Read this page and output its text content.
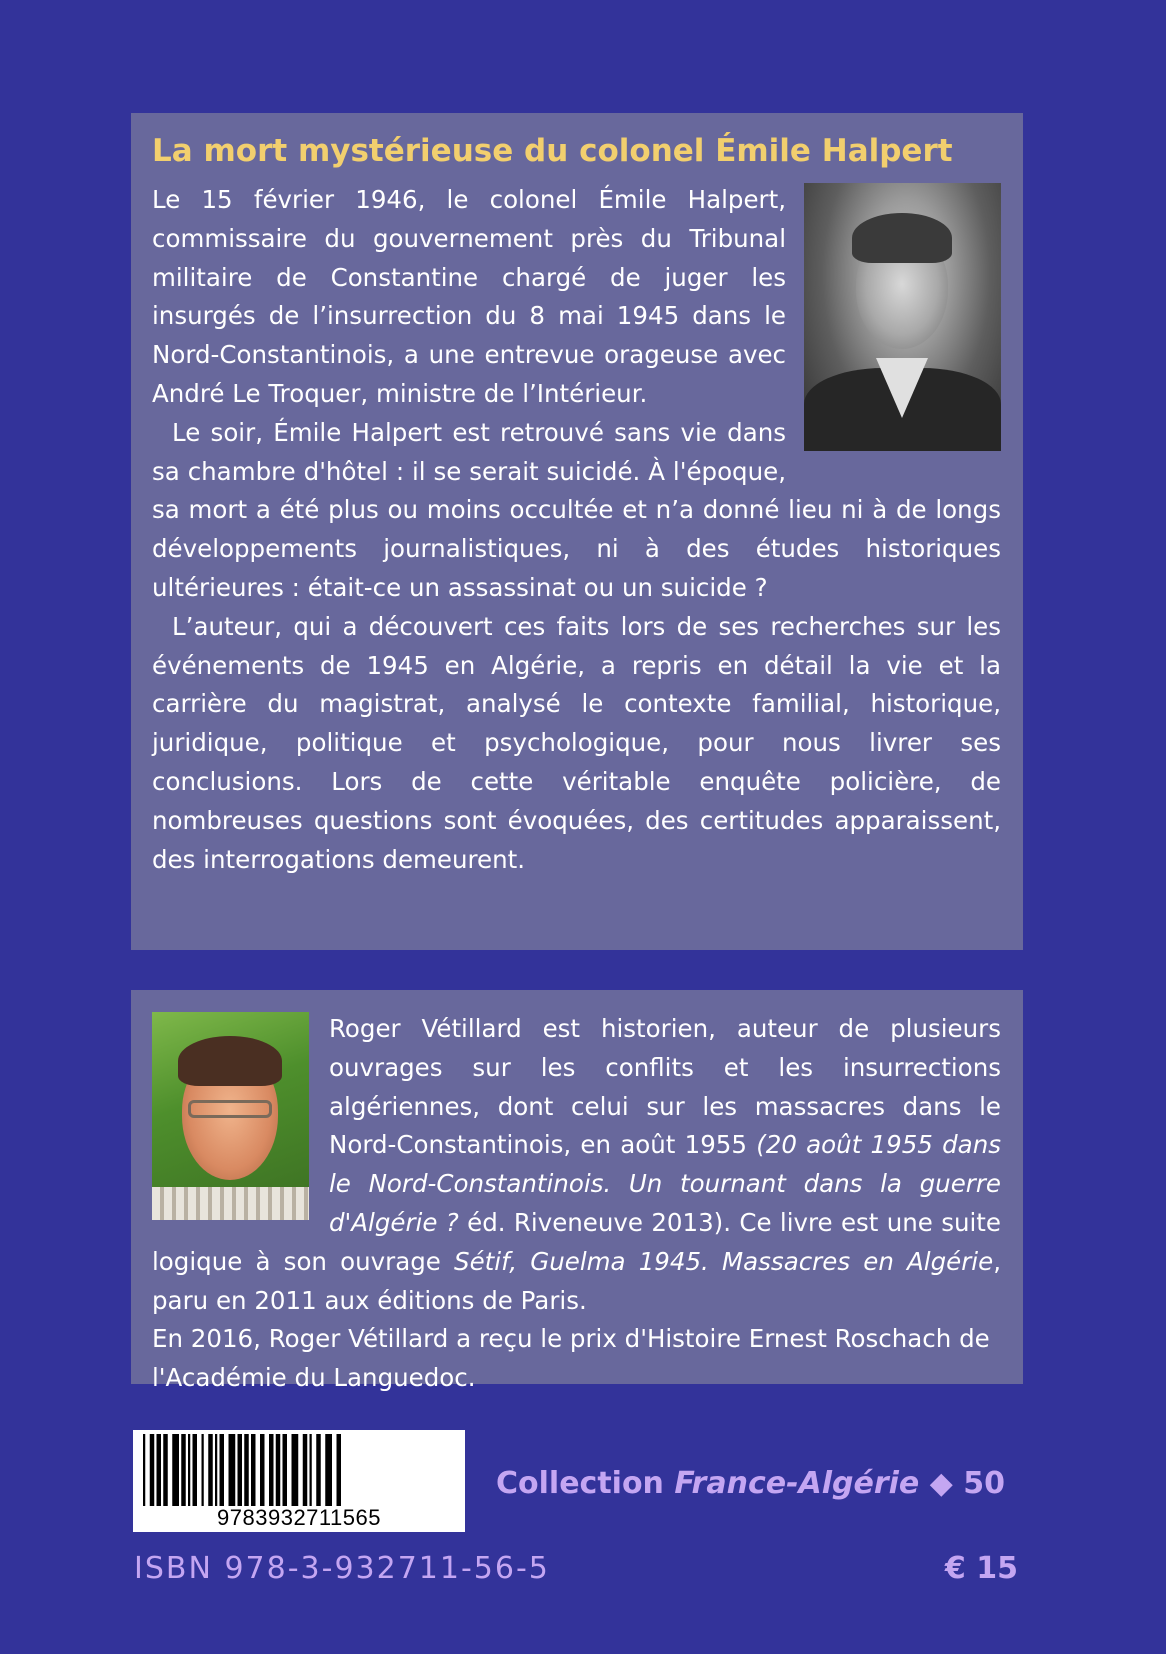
La mort mystérieuse du colonel Émile Halpert

Le 15 février 1946, le colonel Émile Halpert, commissaire du gouvernement près du Tribunal militaire de Constantine chargé de juger les insurgés de l’insurrection du 8 mai 1945 dans le Nord-Constantinois, a une entrevue orageuse avec André Le Troquer, ministre de l’Intérieur.

Le soir, Émile Halpert est retrouvé sans vie dans sa chambre d'hôtel : il se serait suicidé. À l'époque, sa mort a été plus ou moins occultée et n’a donné lieu ni à de longs développements journalistiques, ni à des études historiques ultérieures : était-ce un assassinat ou un suicide ?

L’auteur, qui a découvert ces faits lors de ses recherches sur les événements de 1945 en Algérie, a repris en détail la vie et la carrière du magistrat, analysé le contexte familial, historique, juridique, politique et psychologique, pour nous livrer ses conclusions. Lors de cette véritable enquête policière, de nombreuses questions sont évoquées, des certitudes apparaissent, des interrogations demeurent.

Roger Vétillard est historien, auteur de plusieurs ouvrages sur les conflits et les insurrections algériennes, dont celui sur les massacres dans le Nord-Constantinois, en août 1955 (20 août 1955 dans le Nord-Constantinois. Un tournant dans la guerre d'Algérie ? éd. Riveneuve 2013). Ce livre est une suite logique à son ouvrage Sétif, Guelma 1945. Massacres en Algérie, paru en 2011 aux éditions de Paris.

En 2016, Roger Vétillard a reçu le prix d'Histoire Ernest Roschach de l'Académie du Languedoc.

9783932711565
Collection France-Algérie ◆ 50
ISBN 978-3-932711-56-5	€ 15
